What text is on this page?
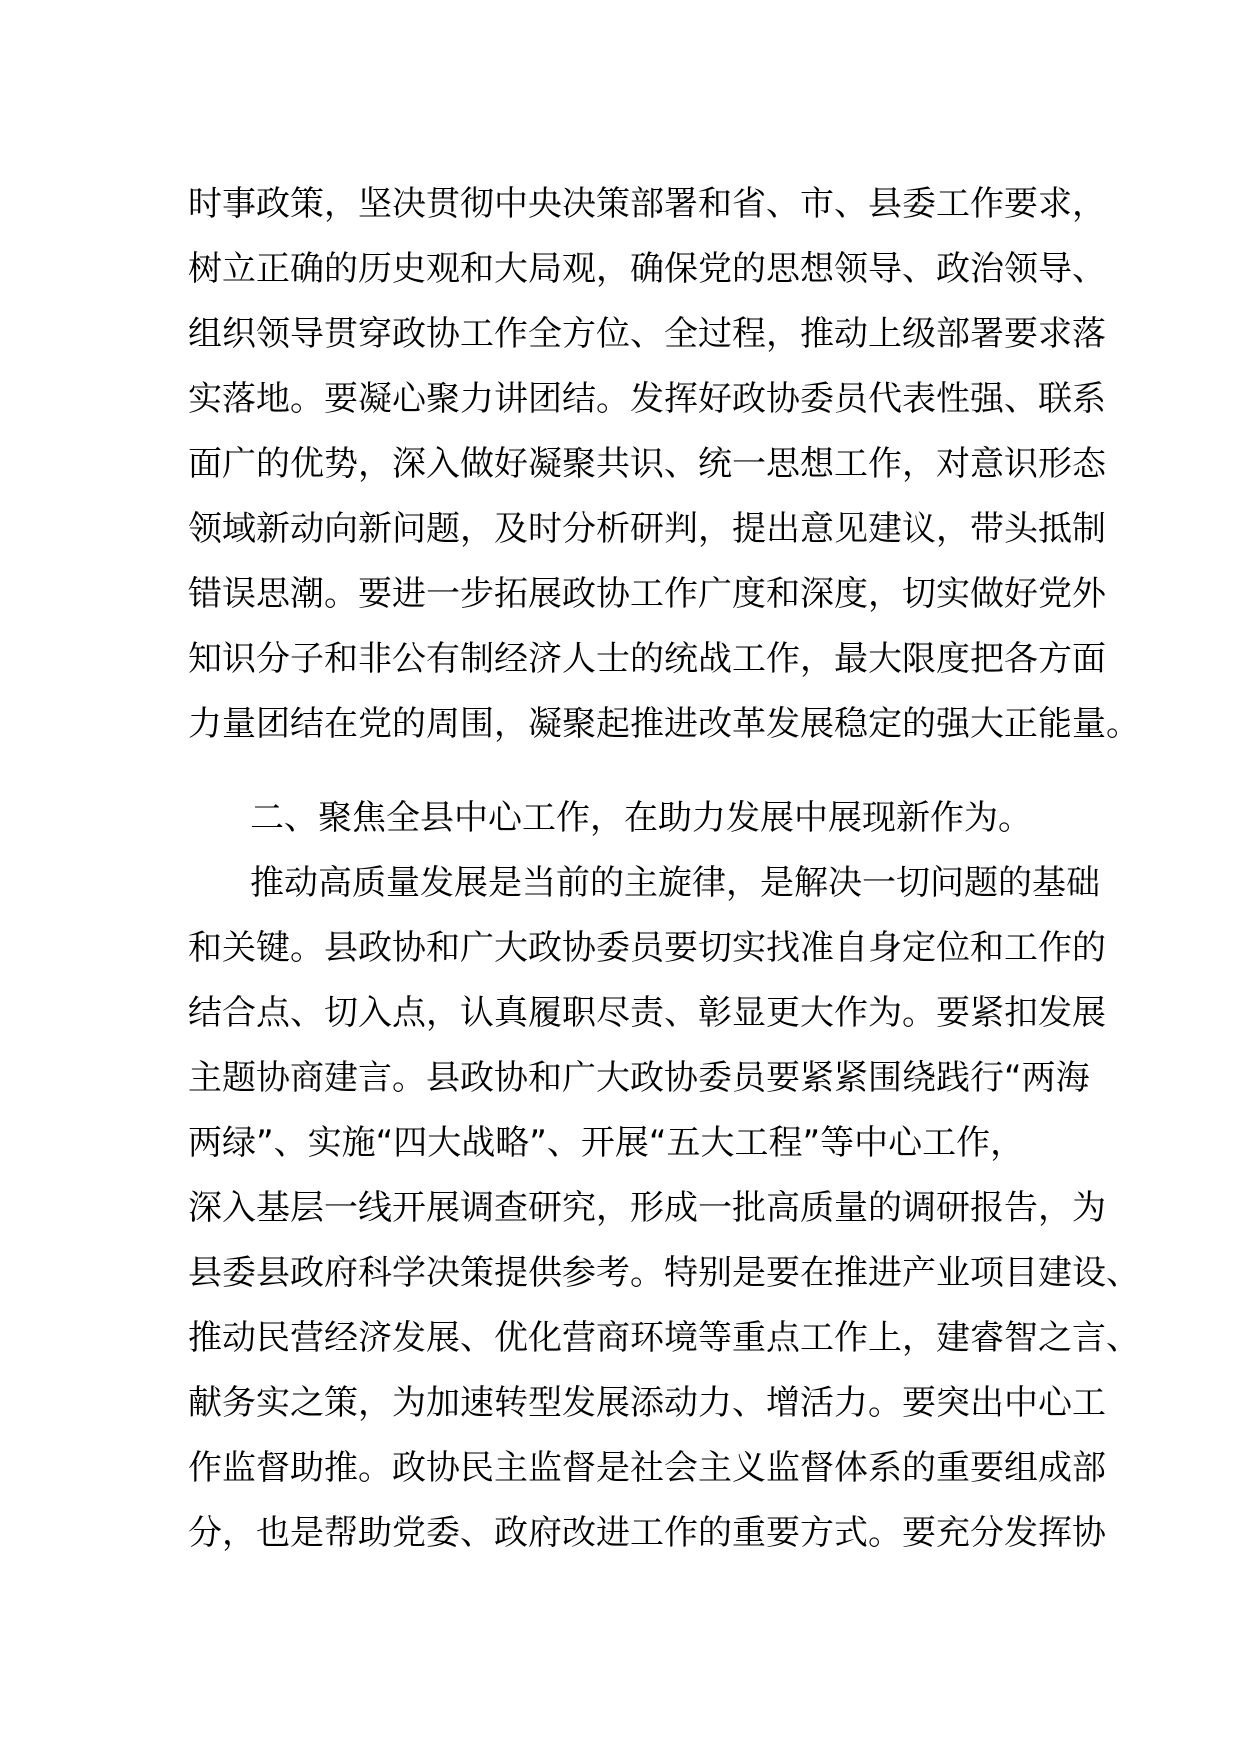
时事政策，坚决贯彻中央决策部署和省、市、县委工作要求，
树立正确的历史观和大局观，确保党的思想领导、政治领导、
组织领导贯穿政协工作全方位、全过程，推动上级部署要求落
实落地。要凝心聚力讲团结。发挥好政协委员代表性强、联系
面广的优势，深入做好凝聚共识、统一思想工作，对意识形态
领域新动向新问题，及时分析研判，提出意见建议，带头抵制
错误思潮。要进一步拓展政协工作广度和深度，切实做好党外
知识分子和非公有制经济人士的统战工作，最大限度把各方面
力量团结在党的周围，凝聚起推进改革发展稳定的强大正能量。
二、聚焦全县中心工作，在助力发展中展现新作为。
推动高质量发展是当前的主旋律，是解决一切问题的基础
和关键。县政协和广大政协委员要切实找准自身定位和工作的
结合点、切入点，认真履职尽责、彰显更大作为。要紧扣发展
主题协商建言。县政协和广大政协委员要紧紧围绕践行“两海
两绿”、实施“四大战略”、开展“五大工程”等中心工作，
深入基层一线开展调查研究，形成一批高质量的调研报告，为
县委县政府科学决策提供参考。特别是要在推进产业项目建设、
推动民营经济发展、优化营商环境等重点工作上，建睿智之言、
献务实之策，为加速转型发展添动力、增活力。要突出中心工
作监督助推。政协民主监督是社会主义监督体系的重要组成部
分，也是帮助党委、政府改进工作的重要方式。要充分发挥协
